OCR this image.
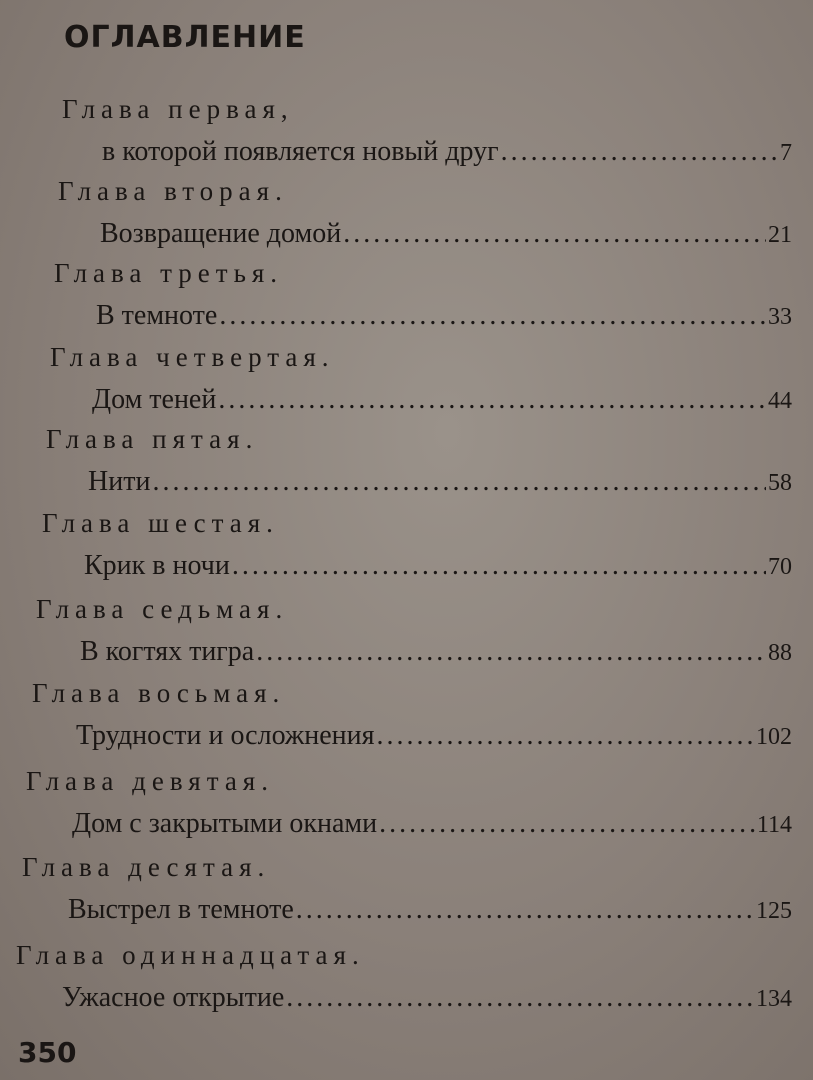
ОГЛАВЛЕНИЕ
Глава первая,
в которой появляется новый друг .....	7
Глава вторая.
Возвращение домой .....	21
Глава третья.
В темноте .....	33
Глава четвертая.
Дом теней .....	44
Глава пятая.
Нити .....	58
Глава шестая.
Крик в ночи .....	70
Глава седьмая.
В когтях тигра .....	88
Глава восьмая.
Трудности и осложнения .....	102
Глава девятая.
Дом с закрытыми окнами .....	114
Глава десятая.
Выстрел в темноте .....	125
Глава одиннадцатая.
Ужасное открытие .....	134
350
